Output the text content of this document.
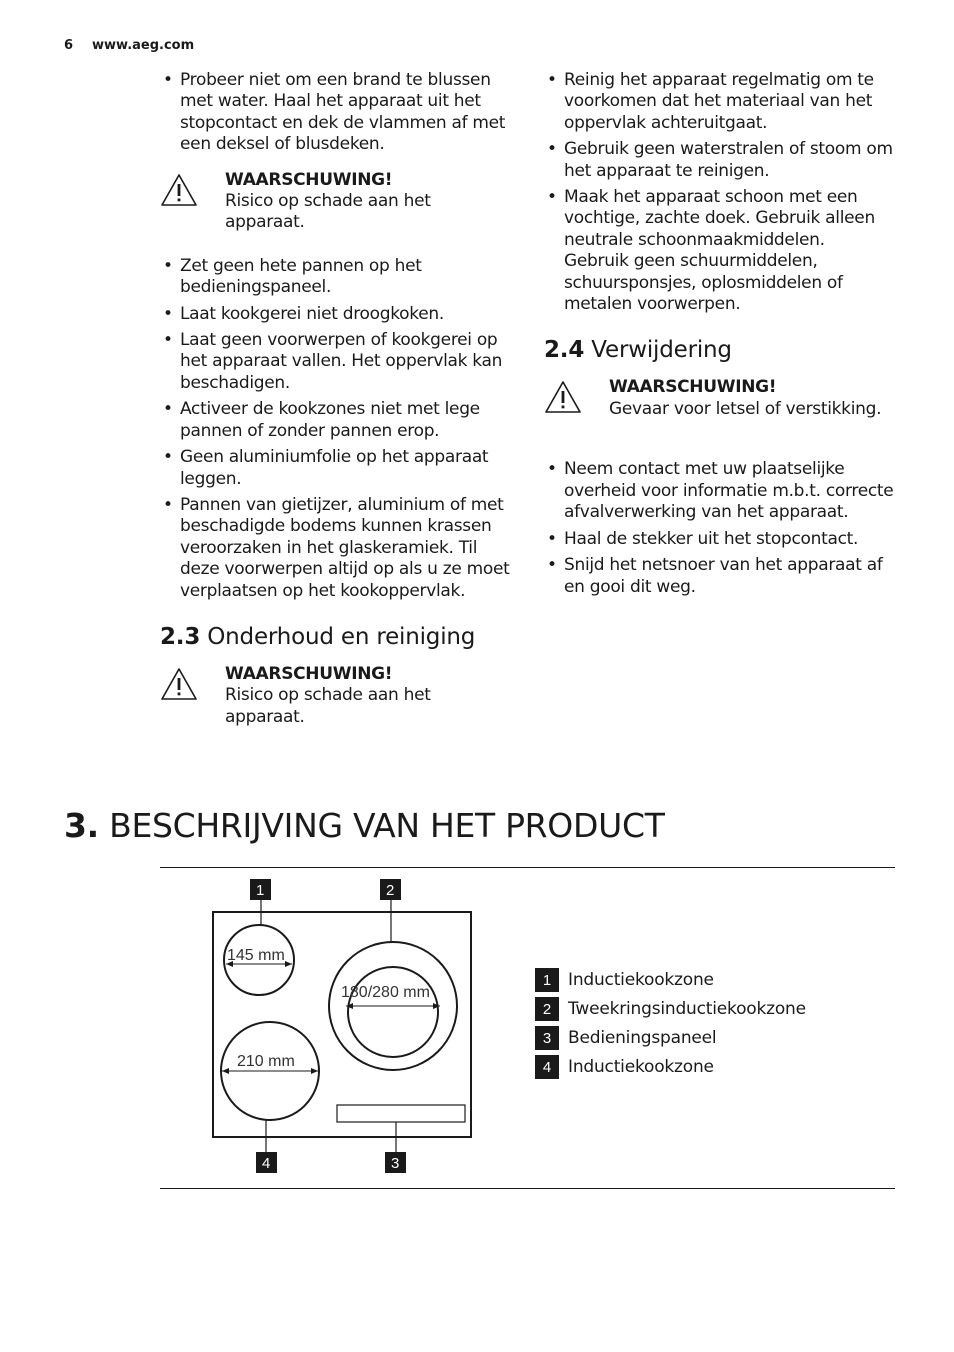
6 www.aeg.com
• Probeer niet om een brand te blussen met water. Haal het apparaat uit het stopcontact en dek de vlammen af met een deksel of blusdeken.
WAARSCHUWING!
Risico op schade aan het apparaat.
• Zet geen hete pannen op het bedieningspaneel.
• Laat kookgerei niet droogkoken.
• Laat geen voorwerpen of kookgerei op het apparaat vallen. Het oppervlak kan beschadigen.
• Activeer de kookzones niet met lege pannen of zonder pannen erop.
• Geen aluminiumfolie op het apparaat leggen.
• Pannen van gietijzer, aluminium of met beschadigde bodems kunnen krassen veroorzaken in het glaskeramiek. Til deze voorwerpen altijd op als u ze moet verplaatsen op het kookoppervlak.
2.3 Onderhoud en reiniging
WAARSCHUWING!
Risico op schade aan het apparaat.
• Reinig het apparaat regelmatig om te voorkomen dat het materiaal van het oppervlak achteruitgaat.
• Gebruik geen waterstralen of stoom om het apparaat te reinigen.
• Maak het apparaat schoon met een vochtige, zachte doek. Gebruik alleen neutrale schoonmaakmiddelen. Gebruik geen schuurmiddelen, schuursponsjes, oplosmiddelen of metalen voorwerpen.
2.4 Verwijdering
WAARSCHUWING!
Gevaar voor letsel of verstikking.
• Neem contact met uw plaatselijke overheid voor informatie m.b.t. correcte afvalverwerking van het apparaat.
• Haal de stekker uit het stopcontact.
• Snijd het netsnoer van het apparaat af en gooi dit weg.
3. BESCHRIJVING VAN HET PRODUCT
145 mm
180/280 mm
210 mm
1	2
4	3
1 Inductiekookzone
2 Tweekringsinductiekookzone
3 Bedieningspaneel
4 Inductiekookzone
